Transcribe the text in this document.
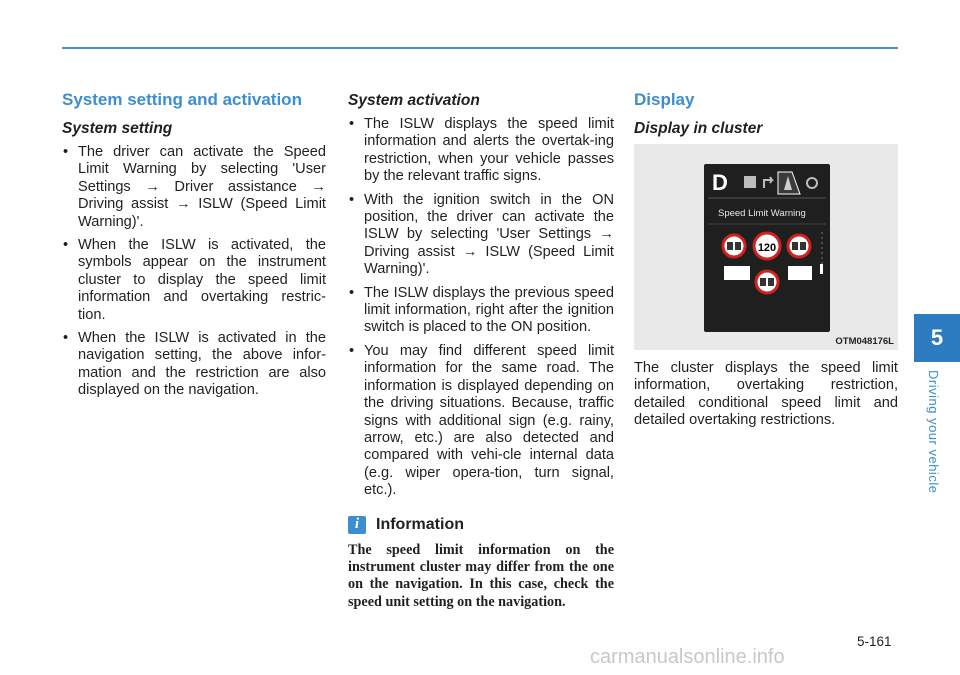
System setting and activation
System setting
• The driver can activate the Speed Limit Warning by selecting 'User Settings → Driver assistance → Driving assist → ISLW (Speed Limit Warning)'.
• When the ISLW is activated, the symbols appear on the instrument cluster to display the speed limit information and overtaking restric-tion.
• When the ISLW is activated in the navigation setting, the above infor-mation and the restriction are also displayed on the navigation.
System activation
• The ISLW displays the speed limit information and alerts the overtak-ing restriction, when your vehicle passes by the relevant traffic signs.
• With the ignition switch in the ON position, the driver can activate the ISLW by selecting 'User Settings → Driving assist → ISLW (Speed Limit Warning)'.
• The ISLW displays the previous speed limit information, right after the ignition switch is placed to the ON position.
• You may find different speed limit information for the same road. The information is displayed depending on the driving situations. Because, traffic signs with additional sign (e.g. rainy, arrow, etc.) are also detected and compared with vehi-cle internal data (e.g. wiper opera-tion, turn signal, etc.).
i	Information

The speed limit information on the instrument cluster may differ from the one on the navigation. In this case, check the speed unit setting on the navigation.

Display
Display in cluster
D
Speed Limit Warning
120
OTM048176L

The cluster displays the speed limit information, overtaking restriction, detailed conditional speed limit and detailed overtaking restrictions.

5
Driving your vehicle
5-161
carmanualsonline.info
